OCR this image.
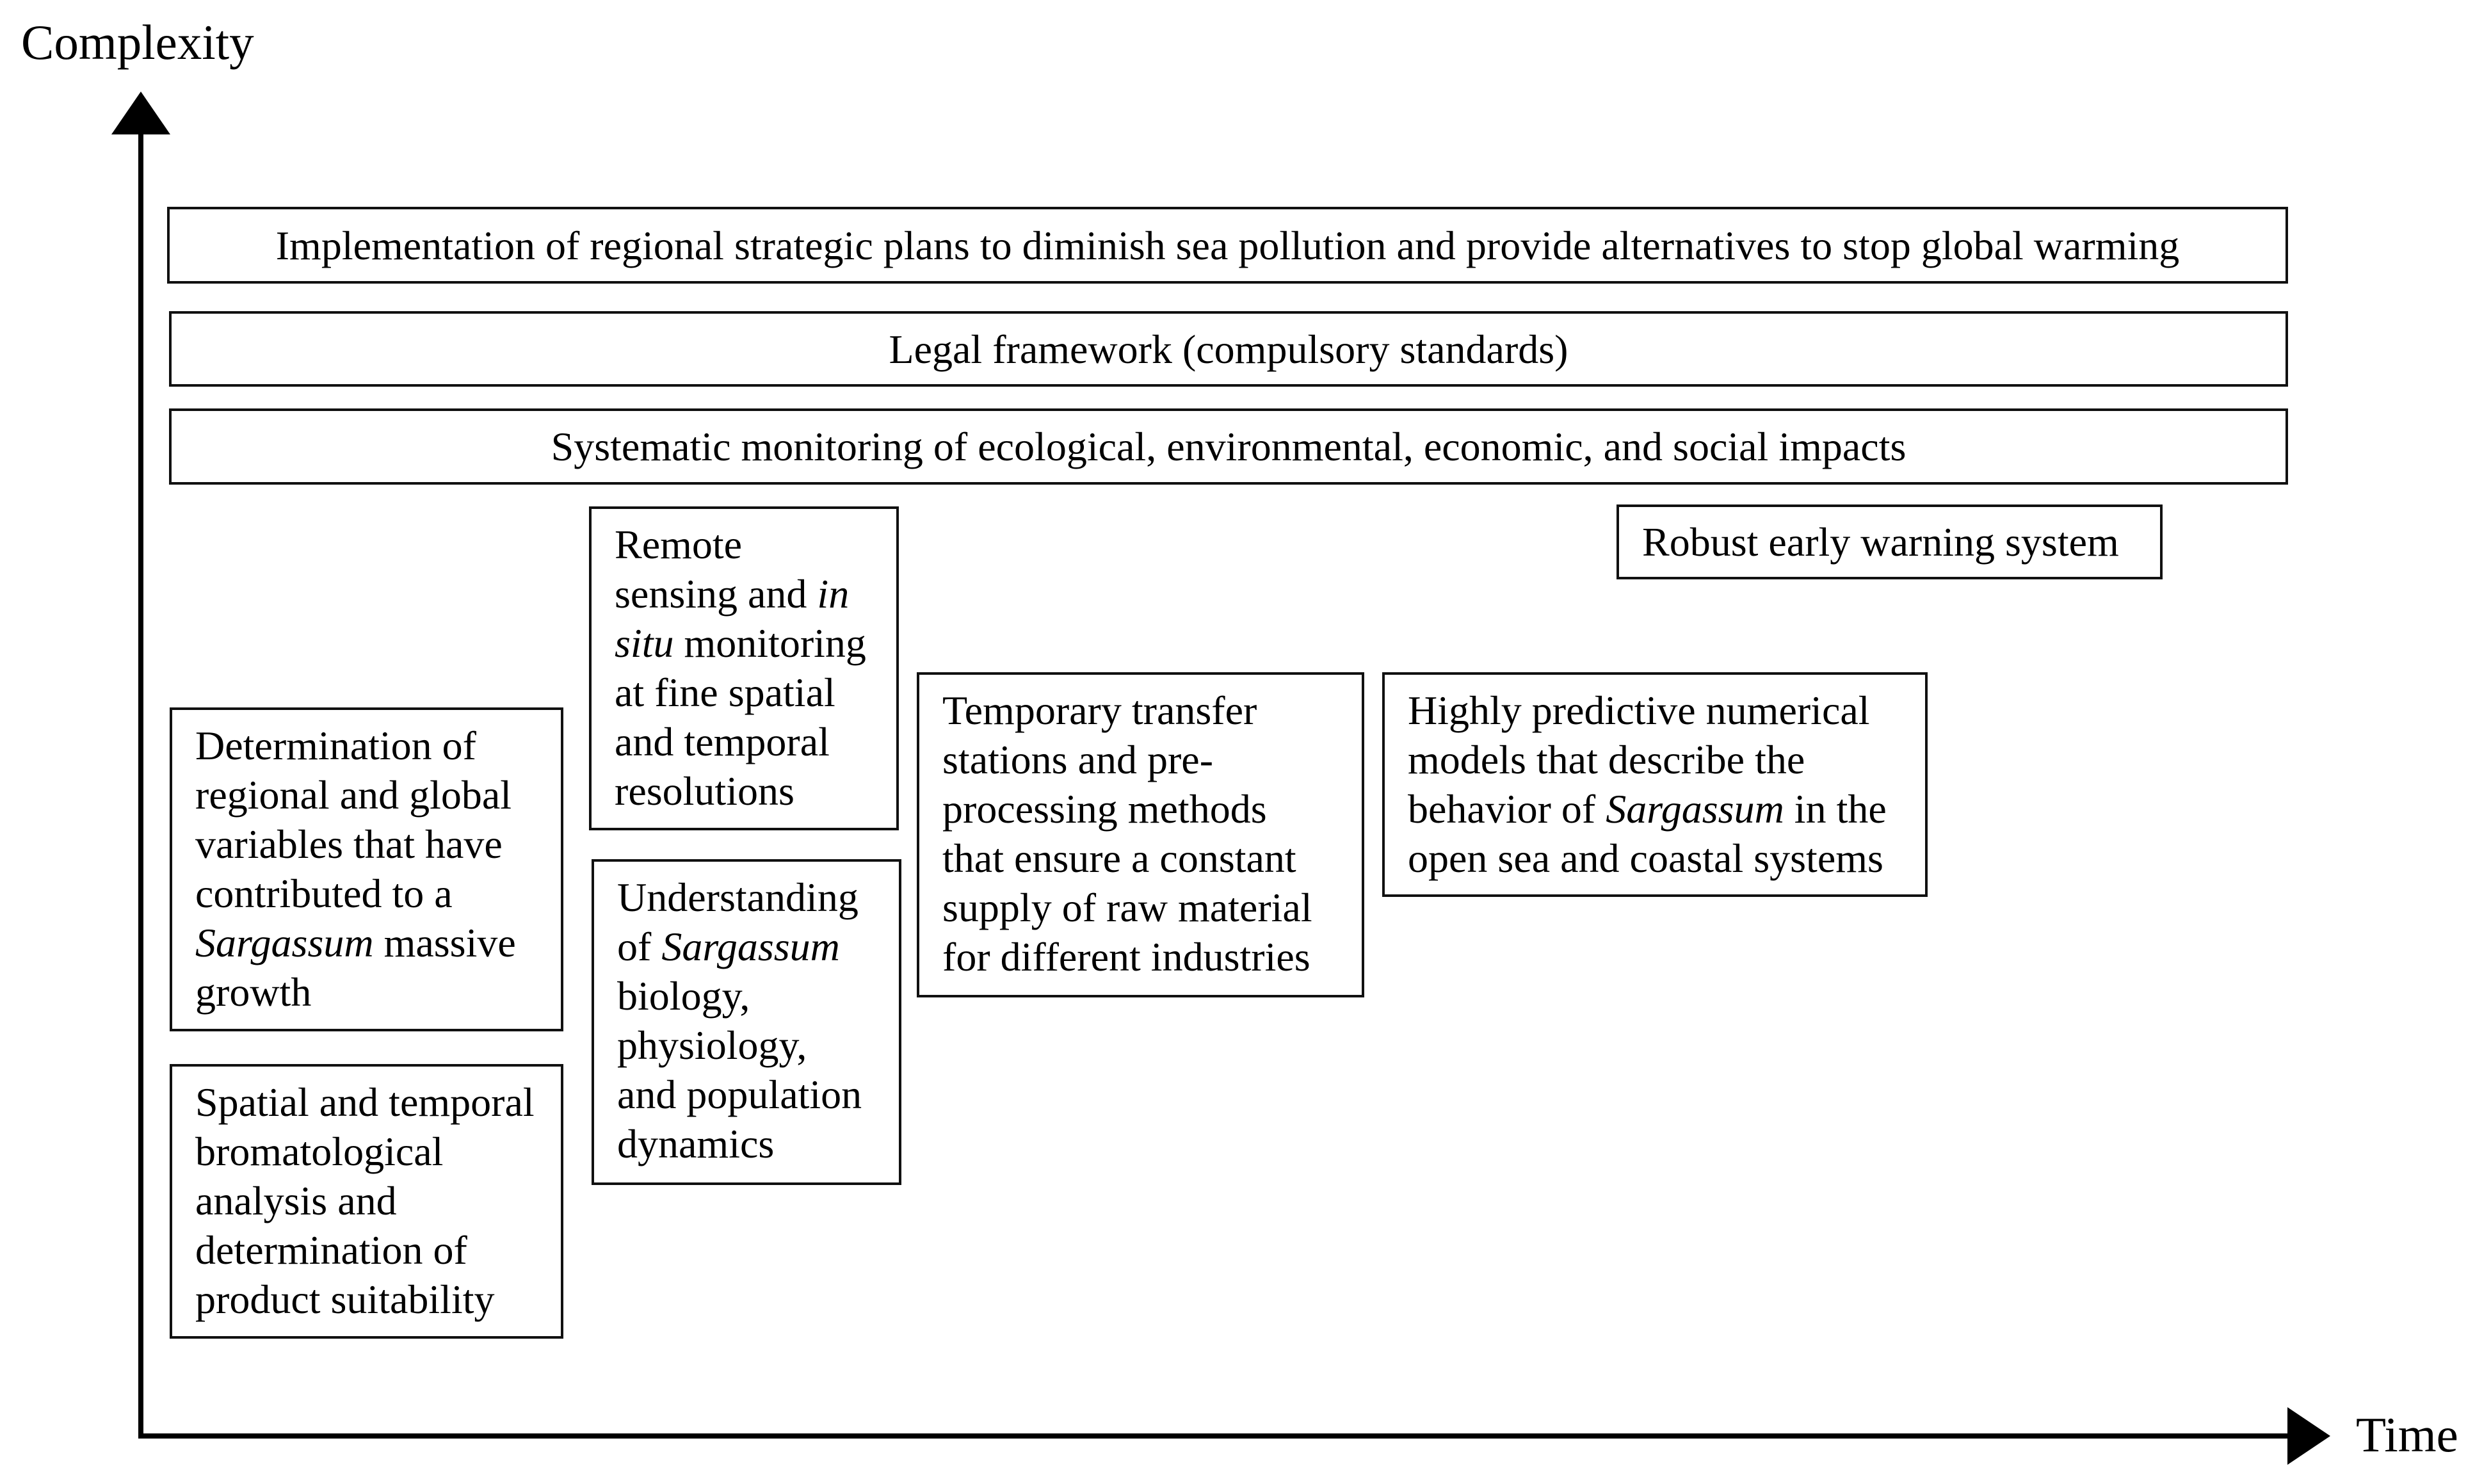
Complexity
Time
Implementation of regional strategic plans to diminish sea pollution and provide alternatives to stop global warming
Legal framework (compulsory standards)
Systematic monitoring of ecological, environmental, economic, and social impacts
Robust early warning system
Remote
sensing and in
situ monitoring
at fine spatial
and temporal
resolutions
Determination of
regional and global
variables that have
contributed to a
Sargassum massive
growth
Spatial and temporal
bromatological
analysis and
determination of
product suitability
Understanding
of Sargassum
biology,
physiology,
and population
dynamics
Temporary transfer
stations and pre-
processing methods
that ensure a constant
supply of raw material
for different industries
Highly predictive numerical
models that describe the
behavior of Sargassum in the
open sea and coastal systems
